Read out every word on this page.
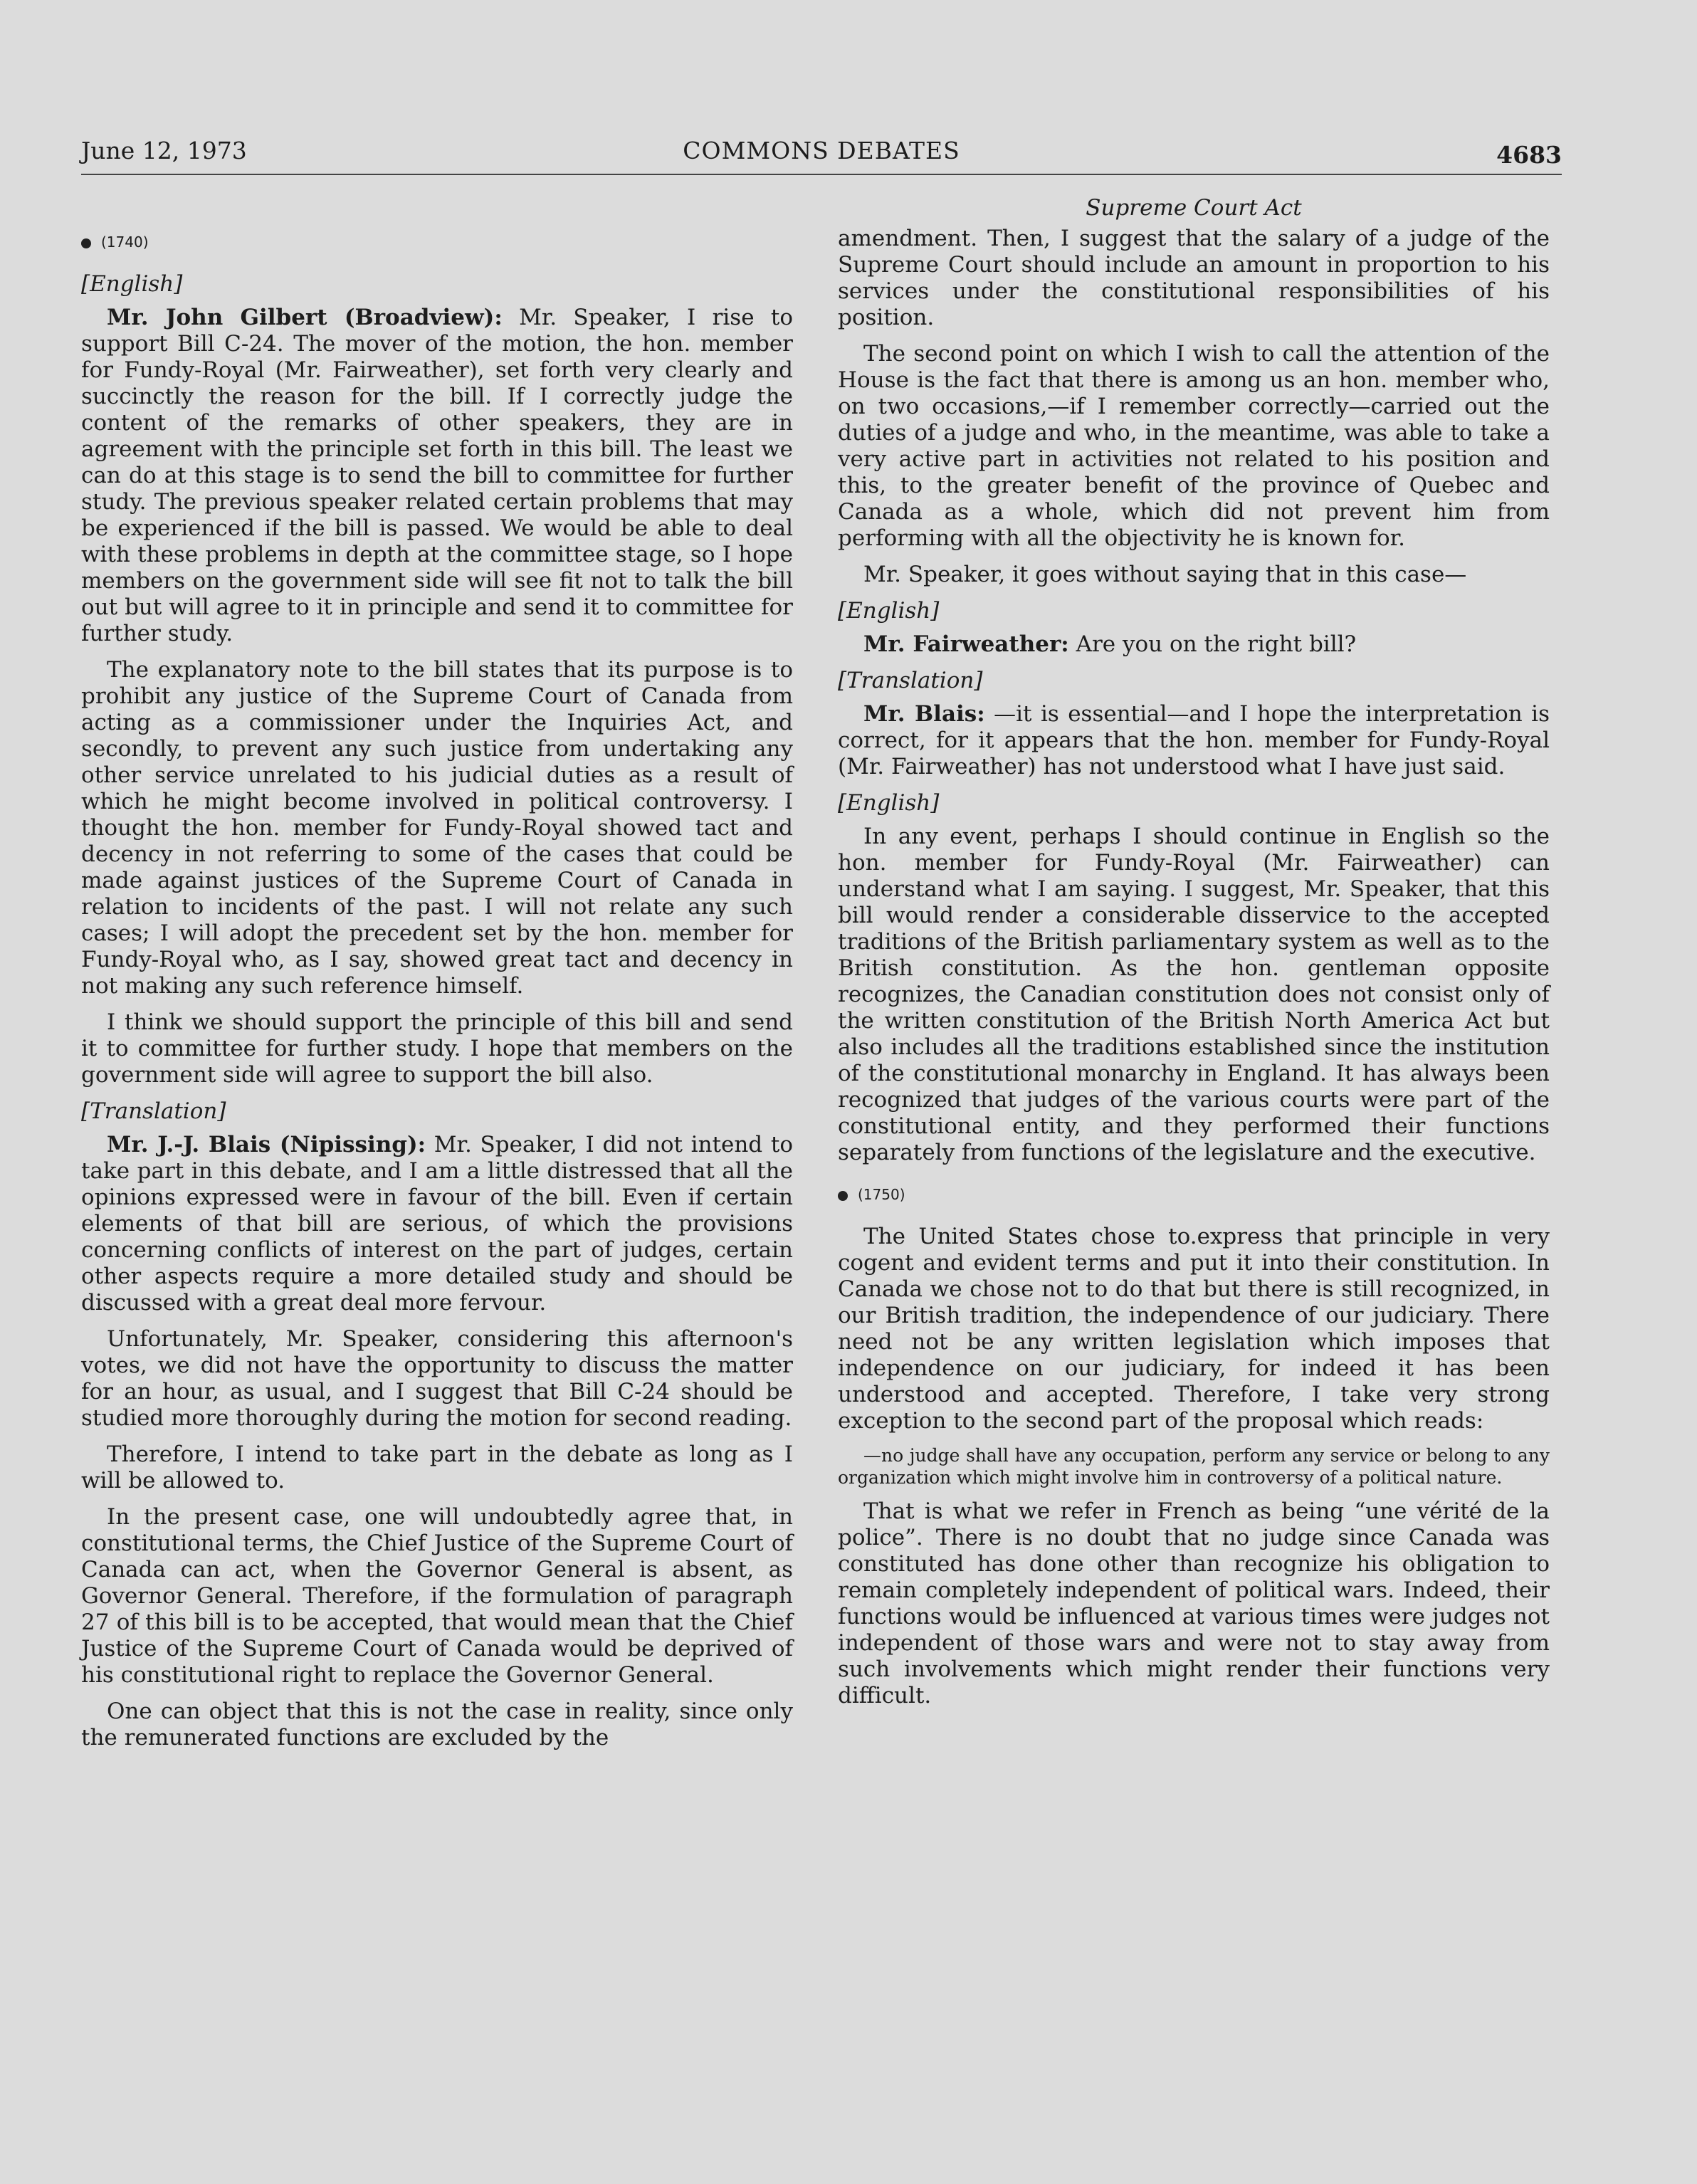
June 12, 1973	COMMONS DEBATES	4683
(1740)
[English]

Mr. John Gilbert (Broadview): Mr. Speaker, I rise to support Bill C-24. The mover of the motion, the hon. member for Fundy-Royal (Mr. Fairweather), set forth very clearly and succinctly the reason for the bill. If I correctly judge the content of the remarks of other speakers, they are in agreement with the principle set forth in this bill. The least we can do at this stage is to send the bill to committee for further study. The previous speaker related certain problems that may be experienced if the bill is passed. We would be able to deal with these problems in depth at the committee stage, so I hope members on the government side will see fit not to talk the bill out but will agree to it in principle and send it to committee for further study.

The explanatory note to the bill states that its purpose is to prohibit any justice of the Supreme Court of Canada from acting as a commissioner under the Inquiries Act, and secondly, to prevent any such justice from undertaking any other service unrelated to his judicial duties as a result of which he might become involved in political controversy. I thought the hon. member for Fundy-Royal showed tact and decency in not referring to some of the cases that could be made against justices of the Supreme Court of Canada in relation to incidents of the past. I will not relate any such cases; I will adopt the precedent set by the hon. member for Fundy-Royal who, as I say, showed great tact and decency in not making any such reference himself.

I think we should support the principle of this bill and send it to committee for further study. I hope that members on the government side will agree to support the bill also.

[Translation]

Mr. J.-J. Blais (Nipissing): Mr. Speaker, I did not intend to take part in this debate, and I am a little distressed that all the opinions expressed were in favour of the bill. Even if certain elements of that bill are serious, of which the provisions concerning conflicts of interest on the part of judges, certain other aspects require a more detailed study and should be discussed with a great deal more fervour.

Unfortunately, Mr. Speaker, considering this afternoon's votes, we did not have the opportunity to discuss the matter for an hour, as usual, and I suggest that Bill C-24 should be studied more thoroughly during the motion for second reading.

Therefore, I intend to take part in the debate as long as I will be allowed to.

In the present case, one will undoubtedly agree that, in constitutional terms, the Chief Justice of the Supreme Court of Canada can act, when the Governor General is absent, as Governor General. Therefore, if the formulation of paragraph 27 of this bill is to be accepted, that would mean that the Chief Justice of the Supreme Court of Canada would be deprived of his constitutional right to replace the Governor General.

One can object that this is not the case in reality, since only the remunerated functions are excluded by the

Supreme Court Act

amendment. Then, I suggest that the salary of a judge of the Supreme Court should include an amount in proportion to his services under the constitutional responsibilities of his position.

The second point on which I wish to call the attention of the House is the fact that there is among us an hon. member who, on two occasions,—if I remember correctly—carried out the duties of a judge and who, in the meantime, was able to take a very active part in activities not related to his position and this, to the greater benefit of the province of Quebec and Canada as a whole, which did not prevent him from performing with all the objectivity he is known for.

Mr. Speaker, it goes without saying that in this case—

[English]

Mr. Fairweather: Are you on the right bill?

[Translation]

Mr. Blais: —it is essential—and I hope the interpretation is correct, for it appears that the hon. member for Fundy-Royal (Mr. Fairweather) has not understood what I have just said.

[English]

In any event, perhaps I should continue in English so the hon. member for Fundy-Royal (Mr. Fairweather) can understand what I am saying. I suggest, Mr. Speaker, that this bill would render a considerable disservice to the accepted traditions of the British parliamentary system as well as to the British constitution. As the hon. gentleman opposite recognizes, the Canadian constitution does not consist only of the written constitution of the British North America Act but also includes all the traditions established since the institution of the constitutional monarchy in England. It has always been recognized that judges of the various courts were part of the constitutional entity, and they performed their functions separately from functions of the legislature and the executive.

(1750)

The United States chose to.express that principle in very cogent and evident terms and put it into their constitution. In Canada we chose not to do that but there is still recognized, in our British tradition, the independence of our judiciary. There need not be any written legislation which imposes that independence on our judiciary, for indeed it has been understood and accepted. Therefore, I take very strong exception to the second part of the proposal which reads:

—no judge shall have any occupation, perform any service or belong to any organization which might involve him in controversy of a political nature.

That is what we refer in French as being “une vérité de la police”. There is no doubt that no judge since Canada was constituted has done other than recognize his obligation to remain completely independent of political wars. Indeed, their functions would be influenced at various times were judges not independent of those wars and were not to stay away from such involvements which might render their functions very difficult.
